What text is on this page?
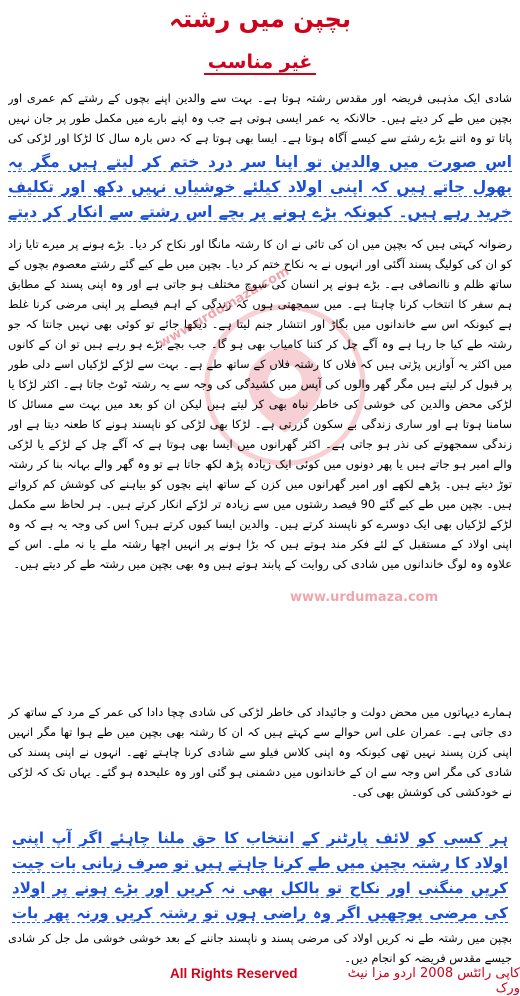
بچپن میں رشتہ
غیر مناسب
شادی ایک مذہبی فریضہ اور مقدس رشتہ ہوتا ہے۔ بہت سے والدین اپنے بچوں کے رشتے کم عمری اور بچپن میں طے کر دیتے ہیں۔ حالانکہ یہ عمر ایسی ہوتی ہے جب وہ اپنے بارے میں مکمل طور پر جان نہیں پاتا تو وہ اتنے بڑے رشتے سے کیسے آگاہ ہوتا ہے۔ ایسا بھی ہوتا ہے کہ دس بارہ سال کا لڑکا اور لڑکی کی
اس صورت میں والدین تو اپنا سر درد ختم کر لیتے ہیں مگر یہ بھول جاتے ہیں کہ اپنی اولاد کیلئے خوشیاں نہیں دکھ اور تکلیف خرید رہے ہیں۔ کیونکہ بڑے ہونے پر بچے اس رشتے سے انکار کر دیتے
رضوانہ کہتی ہیں کہ بچپن میں ان کی تائی نے ان کا رشتہ مانگا اور نکاح کر دیا۔ بڑے ہونے پر میرے تایا زاد کو ان کی کولیگ پسند آگئی اور انہوں نے یہ نکاح ختم کر دیا۔ بچپن میں طے کیے گئے رشتے معصوم بچوں کے ساتھ ظلم و ناانصافی ہے۔ بڑے ہونے پر انسان کی سوچ مختلف ہو جاتی ہے اور وہ اپنی پسند کے مطابق ہم سفر کا انتخاب کرنا چاہتا ہے۔ میں سمجھتی ہوں کہ زندگی کے اہم فیصلے پر اپنی مرضی کرنا غلط ہے کیونکہ اس سے خاندانوں میں بگاڑ اور انتشار جنم لیتا ہے۔ دیکھا جائے تو کوئی بھی نہیں جانتا کہ جو رشتہ طے کیا جا رہا ہے وہ آگے چل کر کتنا کامیاب بھی ہو گا۔ جب بچے بڑے ہو رہے ہیں تو ان کے کانوں میں اکثر یہ آوازیں پڑتی ہیں کہ فلاں کا رشتہ فلاں کے ساتھ طے ہے۔ بہت سے لڑکے لڑکیاں اسے دلی طور پر قبول کر لیتے ہیں مگر گھر والوں کی آپس میں کشیدگی کی وجہ سے یہ رشتہ ٹوٹ جاتا ہے۔ اکثر لڑکا یا لڑکی محض والدین کی خوشی کی خاطر نباہ بھی کر لیتے ہیں لیکن ان کو بعد میں بہت سے مسائل کا سامنا ہوتا ہے اور ساری زندگی بے سکون گزرتی ہے۔ لڑکا بھی لڑکی کو ناپسند ہونے کا طعنہ دیتا ہے اور زندگی سمجھوتے کی نذر ہو جاتی ہے۔ اکثر گھرانوں میں ایسا بھی ہوتا ہے کہ آگے چل کے لڑکے یا لڑکی والے امیر ہو جاتے ہیں یا پھر دونوں میں کوئی ایک زیادہ پڑھ لکھ جاتا ہے تو وہ گھر والے بہانہ بنا کر رشتہ توڑ دیتے ہیں۔ پڑھے لکھے اور امیر گھرانوں میں کزن کے ساتھ اپنے بچوں کو بیاہنے کی کوشش کم کرواتے ہیں۔ بچپن میں طے کیے گئے 90 فیصد رشتوں میں سے زیادہ تر لڑکے انکار کرتے ہیں۔ ہر لحاظ سے مکمل لڑکے لڑکیاں بھی ایک دوسرے کو ناپسند کرتے ہیں۔ والدین ایسا کیوں کرتے ہیں؟ اس کی وجہ یہ ہے کہ وہ اپنی اولاد کے مستقبل کے لئے فکر مند ہوتے ہیں کہ بڑا ہونے پر انہیں اچھا رشتہ ملے یا نہ ملے۔ اس کے علاوہ وہ لوگ خاندانوں میں شادی کی روایت کے پابند ہوتے ہیں وہ بھی بچپن میں رشتہ طے کر دیتے ہیں۔
www.urdumaza.com
www.urdumaza.com
ہمارے دیہاتوں میں محض دولت و جائیداد کی خاطر لڑکی کی شادی چچا دادا کی عمر کے مرد کے ساتھ کر دی جاتی ہے۔ عمران علی اس حوالے سے کہتے ہیں کہ ان کا رشتہ بھی بچپن میں طے ہوا تھا مگر انہیں اپنی کزن پسند نہیں تھی کیونکہ وہ اپنی کلاس فیلو سے شادی کرنا چاہتے تھے۔ انہوں نے اپنی پسند کی شادی کی مگر اس وجہ سے ان کے خاندانوں میں دشمنی ہو گئی اور وہ علیحدہ ہو گئے۔ یہاں تک کہ لڑکی نے خودکشی کی کوشش بھی کی۔
ہر کسی کو لائف پارٹنر کے انتخاب کا حق ملنا چاہئے اگر آپ اپنی اولاد کا رشتہ بچپن میں طے کرنا چاہتے ہیں تو صرف زبانی بات چیت کریں منگنی اور نکاح تو بالکل بھی نہ کریں اور بڑے ہونے پر اولاد کی مرضی پوچھیں اگر وہ راضی ہوں تو رشتہ کریں ورنہ پھر بات
بچپن میں رشتہ طے نہ کریں اولاد کی مرضی پسند و ناپسند جاننے کے بعد خوشی خوشی مل جل کر شادی جیسے مقدس فریضہ کو انجام دیں۔
All Rights Reserved	کاپی رائٹس 2008 اردو مزا نیٹ ورک
